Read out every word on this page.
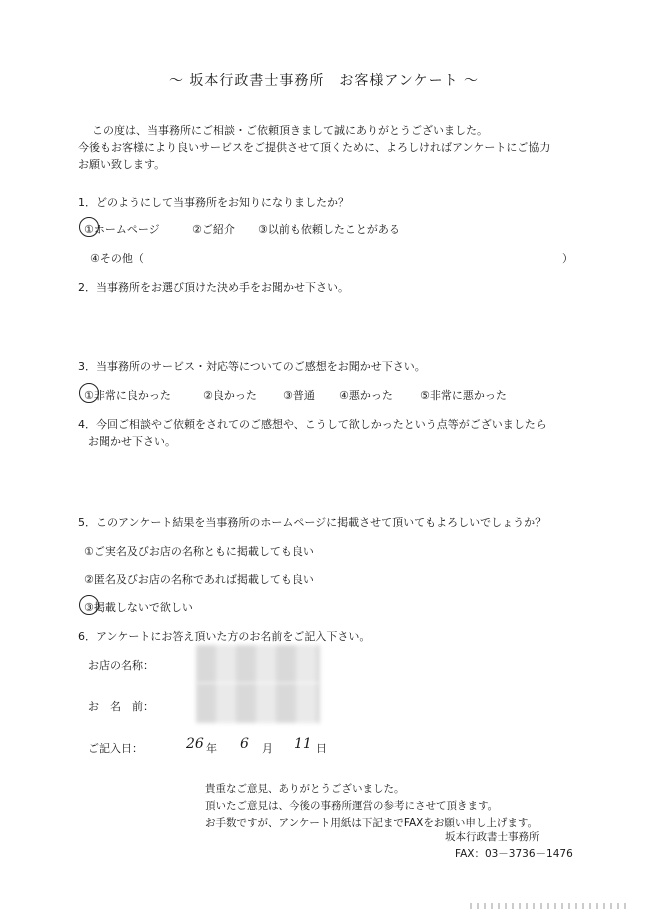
～ 坂本行政書士事務所　お客様アンケート ～
この度は、当事務所にご相談・ご依頼頂きまして誠にありがとうございました。
今後もお客様により良いサービスをご提供させて頂くために、よろしければアンケートにご協力
お願い致します。
1．どのようにして当事務所をお知りになりましたか？
①ホームページ	②ご紹介 ③以前も依頼したことがある
④その他（	）
2．当事務所をお選び頂けた決め手をお聞かせ下さい。
3．当事務所のサービス・対応等についてのご感想をお聞かせ下さい。
①非常に良かった	②良かった ③普通 ④悪かった ⑤非常に悪かった
4．今回ご相談やご依頼をされてのご感想や、こうして欲しかったという点等がございましたら
お聞かせ下さい。
5．このアンケート結果を当事務所のホームページに掲載させて頂いてもよろしいでしょうか？
①ご実名及びお店の名称ともに掲載しても良い
②匿名及びお店の名称であれば掲載しても良い
③掲載しないで欲しい
6．アンケートにお答え頂いた方のお名前をご記入下さい。
お店の名称：
お　名　前：
ご記入日：	26 年 6 月 11 日
貴重なご意見、ありがとうございました。
頂いたご意見は、今後の事務所運営の参考にさせて頂きます。
お手数ですが、アンケート用紙は下記までFAXをお願い申し上げます。
坂本行政書士事務所
FAX：03－3736－1476
